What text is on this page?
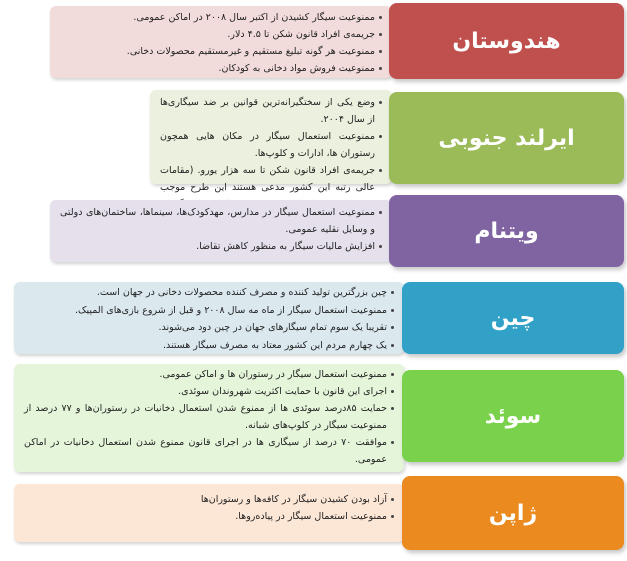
ممنوعیت سیگار کشیدن از اکتبر سال ۲۰۰۸ در اماکن عمومی.
جریمه‌ی افراد قانون شکن تا ۴.۵ دلار.
ممنوعیت هر گونه تبلیغ مستقیم و غیرمستقیم محصولات دخانی.
ممنوعیت فروش مواد دخانی به کودکان.
هندوستان
وضع یکی از سختگیرانه‌ترین قوانین بر ضد سیگاری‌ها از سال ۲۰۰۴.
ممنوعیت استعمال سیگار در مکان هایی همچون رستوران ها، ادارات و کلوپ‌ها.
جریمه‌ی افراد قانون شکن تا سه هزار یورو. (مقامات عالی رتبه این کشور مدعی هستند این طرح موجب
ایرلند جنوبی
ممنوعیت استعمال سیگار در مدارس، مهدکودک‌ها، سینماها، ساختمان‌های دولتی و وسایل نقلیه عمومی.
افزایش مالیات سیگار به منظور کاهش تقاضا.
ویتنام
چین بزرگترین تولید کننده و مصرف کننده محصولات دخانی در جهان است.
ممنوعیت استعمال سیگار از ماه مه سال ۲۰۰۸ و قبل از شروع بازی‌های المپیک.
تقریبا یک سوم تمام سیگارهای جهان در چین دود می‌شوند.
یک چهارم مردم این کشور معتاد به مصرف سیگار هستند.
چین
ممنوعیت استعمال سیگار در رستوران ها و اماکن عمومی.
اجرای این قانون با حمایت اکثریت شهروندان سوئدی.
حمایت ۸۵درصد سوئدی ها از ممنوع شدن استعمال دخانیات در رستوران‌ها و ۷۷ درصد از ممنوعیت سیگار در کلوپ‌های شبانه.
موافقت ۷۰ درصد از سیگاری ها در اجرای قانون ممنوع شدن استعمال دخانیات در اماکن عمومی.
سوئد
آزاد بودن کشیدن سیگار در کافه‌ها و رستوران‌ها
ممنوعیت استعمال سیگار در پیاده‌روها.	ژاپن
